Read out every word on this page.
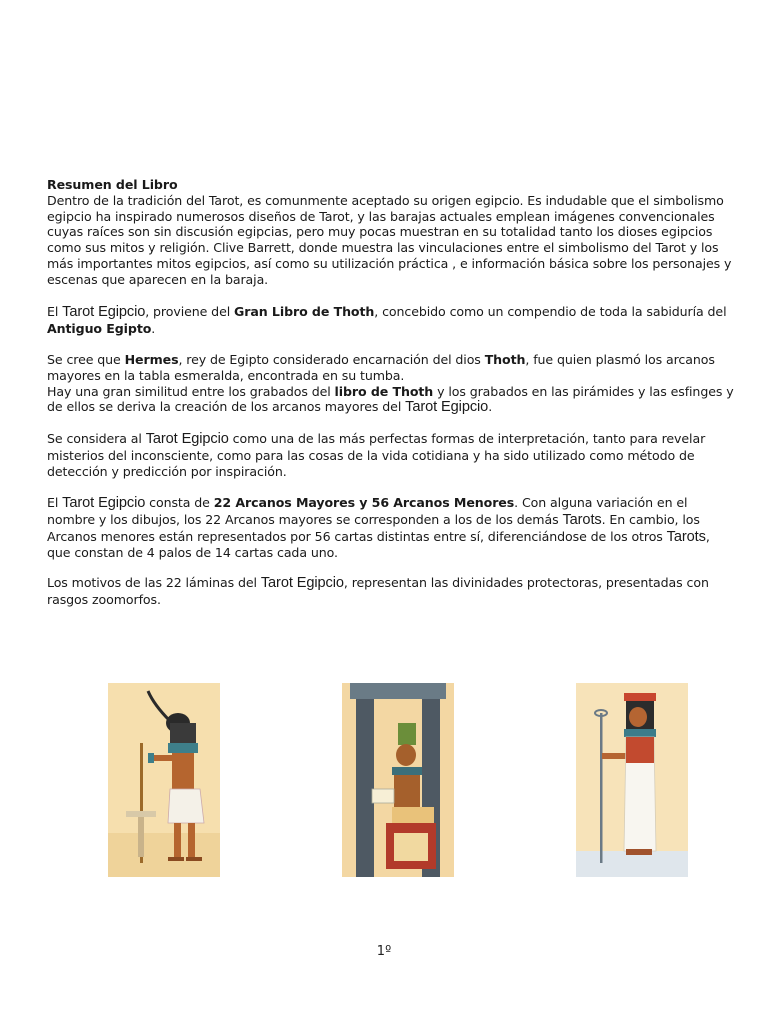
Resumen del Libro
Dentro de la tradición del Tarot, es comunmente aceptado su origen egipcio. Es indudable que el simbolismo egipcio ha inspirado numerosos diseños de Tarot, y las barajas actuales emplean imágenes convencionales cuyas raíces son sin discusión egipcias, pero muy pocas muestran en su totalidad tanto los dioses egipcios como sus mitos y religión. Clive Barrett, donde muestra las vinculaciones entre el simbolismo del Tarot y los más importantes mitos egipcios, así como su utilización práctica , e información básica sobre los personajes y escenas que aparecen en la baraja.

El Tarot Egipcio, proviene del Gran Libro de Thoth, concebido como un compendio de toda la sabiduría del Antiguo Egipto.

Se cree que Hermes, rey de Egipto considerado encarnación del dios Thoth, fue quien plasmó los arcanos mayores en la tabla esmeralda, encontrada en su tumba.
Hay una gran similitud entre los grabados del libro de Thoth y los grabados en las pirámides y las esfinges y de ellos se deriva la creación de los arcanos mayores del Tarot Egipcio.

Se considera al Tarot Egipcio como una de las más perfectas formas de interpretación, tanto para revelar misterios del inconsciente, como para las cosas de la vida cotidiana y ha sido utilizado como método de detección y predicción por inspiración.

El Tarot Egipcio consta de 22 Arcanos Mayores y 56 Arcanos Menores. Con alguna variación en el nombre y los dibujos, los 22 Arcanos mayores se corresponden a los de los demás Tarots. En cambio, los Arcanos menores están representados por 56 cartas distintas entre sí, diferenciándose de los otros Tarots, que constan de 4 palos de 14 cartas cada uno.

Los motivos de las 22 láminas del Tarot Egipcio, representan las divinidades protectoras, presentadas con rasgos zoomorfos.

1º
